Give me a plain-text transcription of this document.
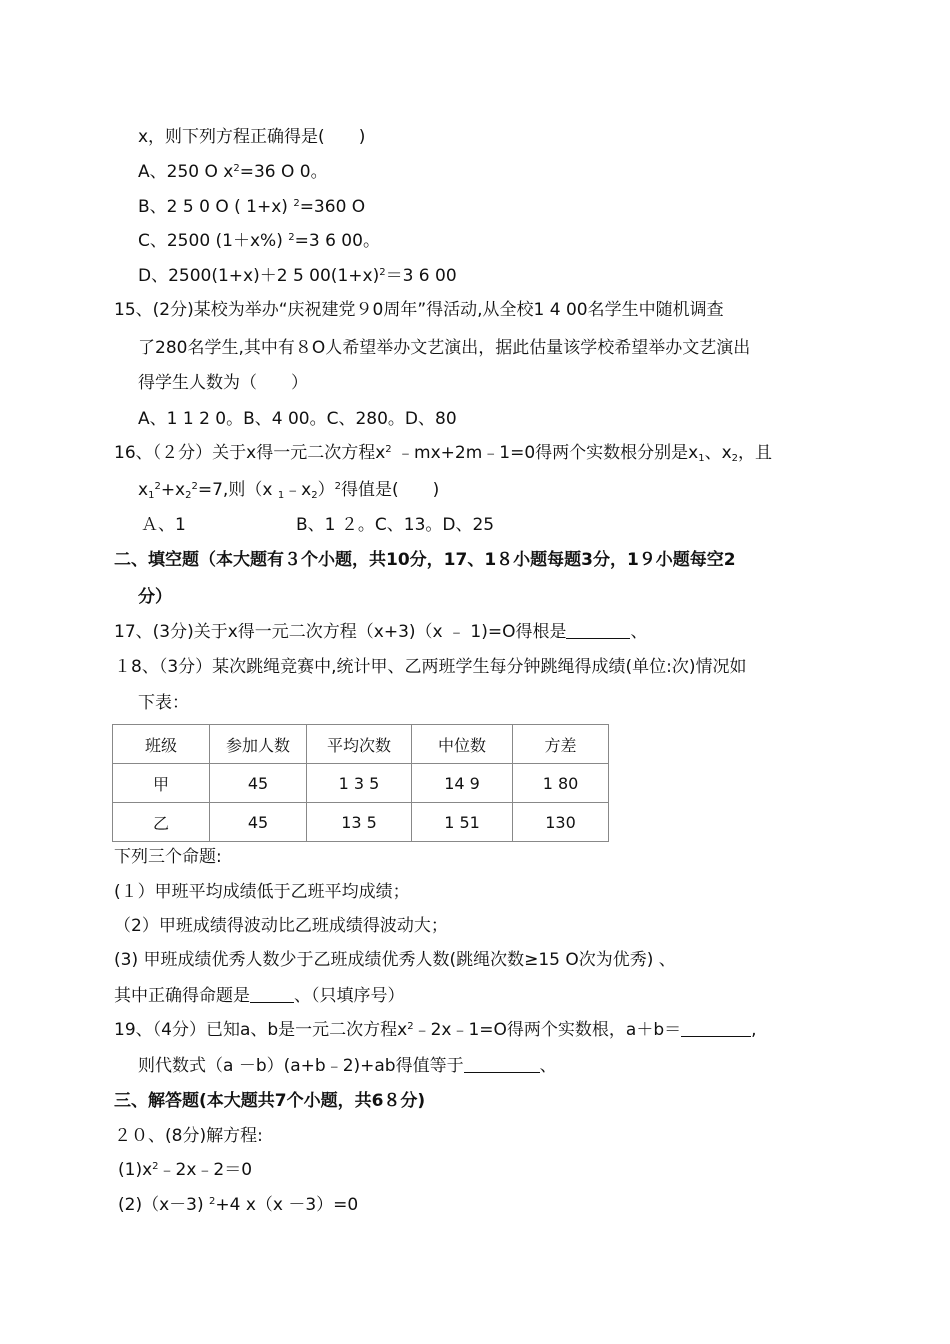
x，则下列方程正确得是(　　)
A、250 O $x^2=36$ O 0。
B、2 5 0 O ( 1+x) $^2$=360 O
C、2500 (1＋x%) $^2$=3 6 00。
D、2500(1+x)＋2 5 $00(1+x)^2=3$ 6 00
15、(2分)某校为举办“庆祝建党９0周年”得活动,从全校1 4 00名学生中随机调查
了280名学生,其中有８O人希望举办文艺演出，据此估量该学校希望举办文艺演出
得学生人数为（　　）
A、1 1 2 0。B、4 00。C、280。D、80
16、（２分）关于x得一元二次方程$x^2$ ﹣mx+2m﹣1=0得两个实数根分别是$x_1$、$x_2$，且
$x_1^2+x_2^2=7$,则（x $_1﹣x_2)^2$得值是(　　)
Ａ、1	B、1 ２。C、13。D、25
二、填空题（本大题有３个小题，共10分，17、1８小题每题3分，1９小题每空2
分）
17、(3分)关于x得一元二次方程（x+3)（x ﹣ 1)=O得根是	、
１8、（3分）某次跳绳竞赛中,统计甲、乙两班学生每分钟跳绳得成绩(单位:次)情况如
下表：
班级	参加人数	平均次数	中位数	方差
甲	45	1 3 5	14 9	1 80
乙	45	13 5	1 51	130
下列三个命题:
(１）甲班平均成绩低于乙班平均成绩；
（2）甲班成绩得波动比乙班成绩得波动大；
(3) 甲班成绩优秀人数少于乙班成绩优秀人数(跳绳次数≥15 O次为优秀) 、
其中正确得命题是	、（只填序号）
19、（4分）已知a、b是一元二次方程$x^2﹣2x﹣1=O$得两个实数根，a＋b＝	,
则代数式（a －b）(a+b﹣2)+ab得值等于	、
三、解答题(本大题共7个小题，共6８分)
２０、(8分)解方程:
$(1)x^2﹣2x﹣2=0$
(2)（x－3) $^2$+4 x（x －3）=0
